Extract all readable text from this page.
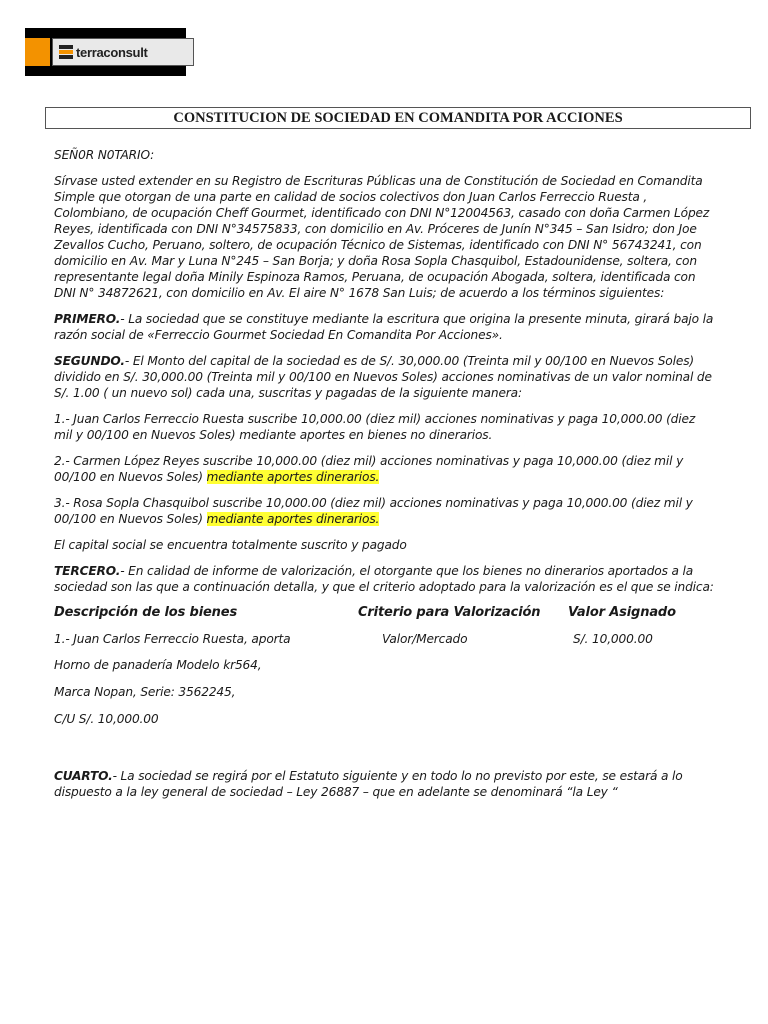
terraconsult
CONSTITUCION DE SOCIEDAD EN COMANDITA POR ACCIONES

SEÑ0R N0TARIO:

Sírvase usted extender en su Registro de Escrituras Públicas una de Constitución de Sociedad en Comandita Simple que otorgan de una parte en calidad de socios colectivos don Juan Carlos Ferreccio Ruesta , Colombiano, de ocupación Cheff Gourmet, identificado con DNI N°12004563, casado con doña Carmen López Reyes, identificada con DNI N°34575833, con domicilio en Av. Próceres de Junín N°345 – San Isidro; don Joe Zevallos Cucho, Peruano, soltero, de ocupación Técnico de Sistemas, identificado con DNI N° 56743241, con domicilio en Av. Mar y Luna N°245 – San Borja; y doña Rosa Sopla Chasquibol, Estadounidense, soltera, con representante legal doña Minily Espinoza Ramos, Peruana, de ocupación Abogada, soltera, identificada con DNI N° 34872621, con domicilio en Av. El aire N° 1678 San Luis; de acuerdo a los términos siguientes:

PRIMERO.- La sociedad que se constituye mediante la escritura que origina la presente minuta, girará bajo la razón social de «Ferreccio Gourmet Sociedad En Comandita Por Acciones».

SEGUNDO.- El Monto del capital de la sociedad es de S/. 30,000.00 (Treinta mil y 00/100 en Nuevos Soles) dividido en S/. 30,000.00 (Treinta mil y 00/100 en Nuevos Soles) acciones nominativas de un valor nominal de S/. 1.00 ( un nuevo sol) cada una, suscritas y pagadas de la siguiente manera:

1.- Juan Carlos Ferreccio Ruesta suscribe 10,000.00 (diez mil) acciones nominativas y paga 10,000.00 (diez mil y 00/100 en Nuevos Soles) mediante aportes en bienes no dinerarios.

2.- Carmen López Reyes suscribe 10,000.00 (diez mil) acciones nominativas y paga 10,000.00 (diez mil y 00/100 en Nuevos Soles) mediante aportes dinerarios.

3.- Rosa Sopla Chasquibol suscribe 10,000.00 (diez mil) acciones nominativas y paga 10,000.00 (diez mil y 00/100 en Nuevos Soles) mediante aportes dinerarios.

El capital social se encuentra totalmente suscrito y pagado

TERCERO.- En calidad de informe de valorización, el otorgante que los bienes no dinerarios aportados a la sociedad son las que a continuación detalla, y que el criterio adoptado para la valorización es el que se indica:

Descripción de los bienes	Criterio para Valorización	Valor Asignado
1.- Juan Carlos Ferreccio Ruesta, aporta	Valor/Mercado	S/. 10,000.00
Horno de panadería Modelo kr564,
Marca Nopan, Serie: 3562245,
C/U S/. 10,000.00

CUARTO.- La sociedad se regirá por el Estatuto siguiente y en todo lo no previsto por este, se estará a lo dispuesto a la ley general de sociedad – Ley 26887 – que en adelante se denominará “la Ley “
